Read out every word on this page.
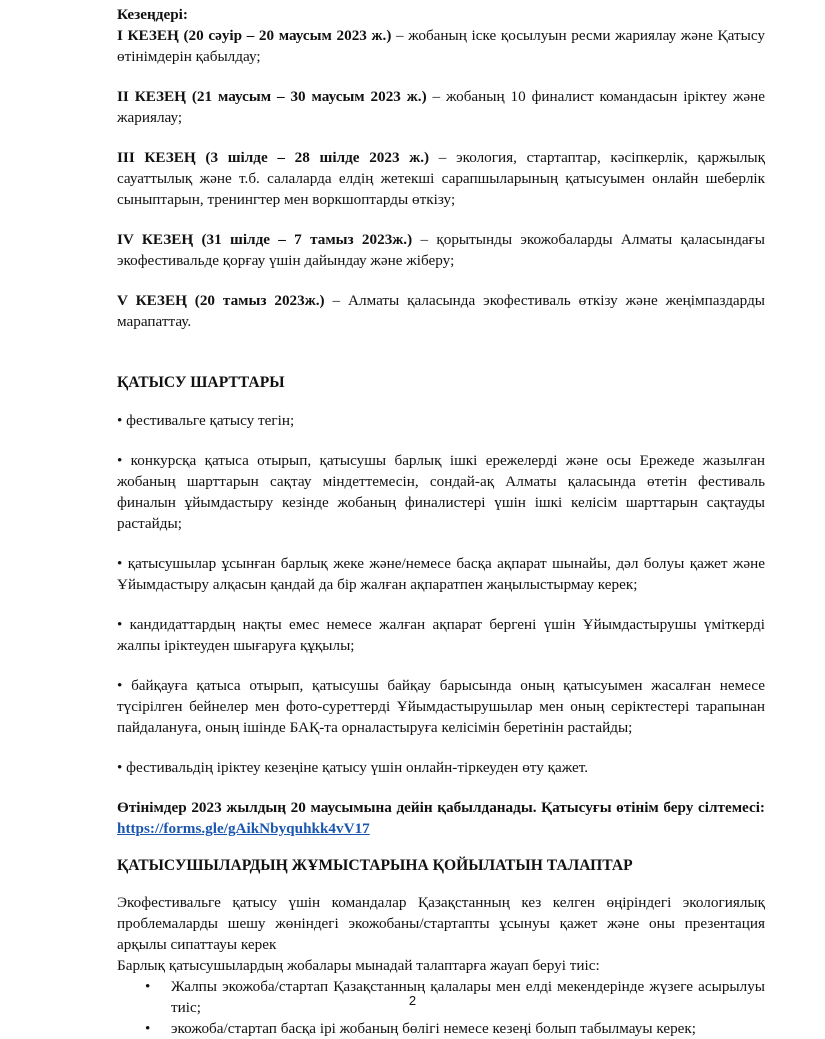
Кезеңдері:

I КЕЗЕҢ (20 сәуір – 20 маусым 2023 ж.) – жобаның іске қосылуын ресми жариялау және Қатысу өтінімдерін қабылдау;

II КЕЗЕҢ (21 маусым – 30 маусым 2023 ж.) – жобаның 10 финалист командасын іріктеу және жариялау;

III КЕЗЕҢ (3 шілде – 28 шілде 2023 ж.) – экология, стартаптар, кәсіпкерлік, қаржылық сауаттылық және т.б. салаларда елдің жетекші сарапшыларының қатысуымен онлайн шеберлік сыныптарын, тренингтер мен воркшоптарды өткізу;

IV КЕЗЕҢ (31 шілде – 7 тамыз 2023ж.) – қорытынды экожобаларды Алматы қаласындағы экофестивальде қорғау үшін дайындау және жіберу;

V КЕЗЕҢ (20 тамыз 2023ж.) – Алматы қаласында экофестиваль өткізу және жеңімпаздарды марапаттау.

ҚАТЫСУ ШАРТТАРЫ

• фестивальге қатысу тегін;

• конкурсқа қатыса отырып, қатысушы барлық ішкі ережелерді және осы Ережеде жазылған жобаның шарттарын сақтау міндеттемесін, сондай-ақ Алматы қаласында өтетін фестиваль финалын ұйымдастыру кезінде жобаның финалистері үшін ішкі келісім шарттарын сақтауды растайды;

• қатысушылар ұсынған барлық жеке және/немесе басқа ақпарат шынайы, дәл болуы қажет және Ұйымдастыру алқасын қандай да бір жалған ақпаратпен жаңылыстырмау керек;

• кандидаттардың нақты емес немесе жалған ақпарат бергені үшін Ұйымдастырушы үміткерді жалпы іріктеуден шығаруға құқылы;

• байқауға қатыса отырып, қатысушы байқау барысында оның қатысуымен жасалған немесе түсірілген бейнелер мен фото-суреттерді Ұйымдастырушылар мен оның серіктестері тарапынан пайдалануға, оның ішінде БАҚ-та орналастыруға келісімін беретінін растайды;

• фестивальдің іріктеу кезеңіне қатысу үшін онлайн-тіркеуден өту қажет.

Өтінімдер 2023 жылдың 20 маусымына дейін қабылданады. Қатысуғы өтінім беру сілтемесі: https://forms.gle/gAikNbyquhkk4vV17

ҚАТЫСУШЫЛАРДЫҢ ЖҰМЫСТАРЫНА ҚОЙЫЛАТЫН ТАЛАПТАР

Экофестивальге қатысу үшін командалар Қазақстанның кез келген өңіріндегі экологиялық проблемаларды шешу жөніндегі экожобаны/стартапты ұсынуы қажет және оны презентация арқылы сипаттауы керек

Барлық қатысушылардың жобалары мынадай талаптарға жауап беруі тиіс:

• Жалпы экожоба/стартап Қазақстанның қалалары мен елді мекендерінде жүзеге асырылуы тиіс;
• экожоба/стартап басқа ірі жобаның бөлігі немесе кезеңі болып табылмауы керек;
2
